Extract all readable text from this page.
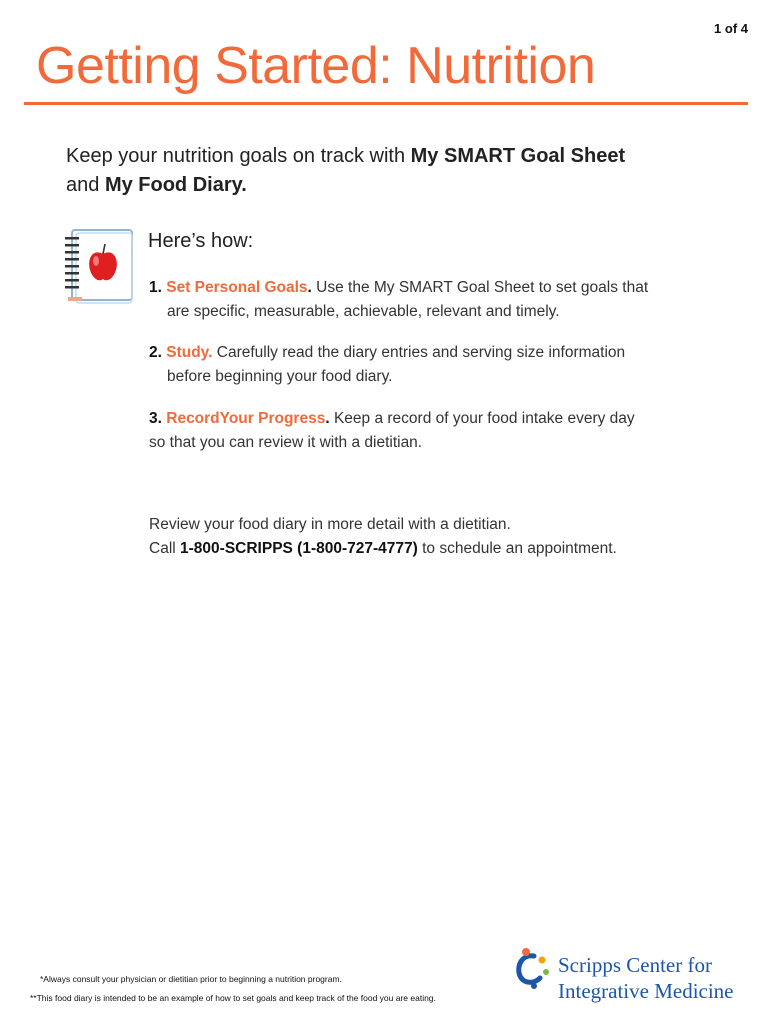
1 of 4
Getting Started: Nutrition
Keep your nutrition goals on track with My SMART Goal Sheet
and My Food Diary.
Here’s how:
1. Set Personal Goals. Use the My SMART Goal Sheet to set goals that
are specific, measurable, achievable, relevant and timely.
2. Study. Carefully read the diary entries and serving size information
before beginning your food diary.
3. RecordYour Progress. Keep a record of your food intake every day
so that you can review it with a dietitian.
Review your food diary in more detail with a dietitian.
Call 1-800-SCRIPPS (1-800-727-4777) to schedule an appointment.
*Always consult your physician or dietitian prior to beginning a nutrition program.
**This food diary is intended to be an example of how to set goals and keep track of the food you are eating.
Scripps Center for
Integrative Medicine
